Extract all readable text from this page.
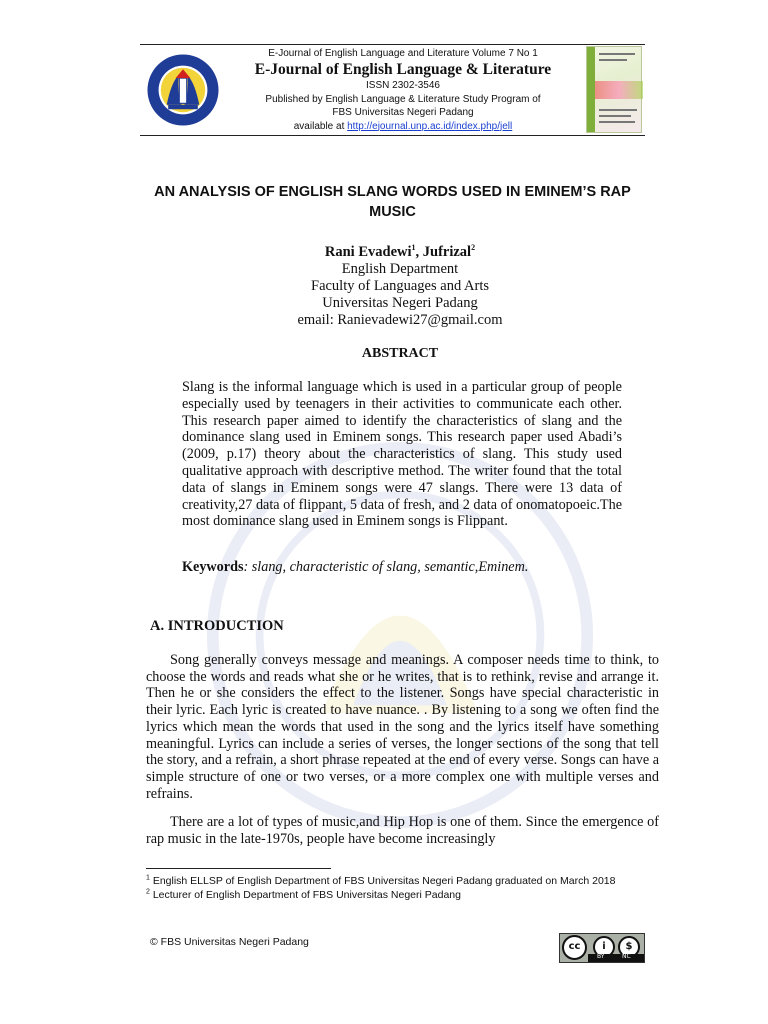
E-Journal of English Language and Literature Volume 7 No 1
E-Journal of English Language & Literature
ISSN 2302-3546
Published by English Language & Literature Study Program of
FBS Universitas Negeri Padang
available at http://ejournal.unp.ac.id/index.php/jell
AN ANALYSIS OF ENGLISH SLANG WORDS USED IN EMINEM’S RAP MUSIC
Rani Evadewi$^1$, Jufrizal$^2$
English Department
Faculty of Languages and Arts
Universitas Negeri Padang
email: Ranievadewi27@gmail.com
ABSTRACT
Slang is the informal language which is used in a particular group of people especially used by teenagers in their activities to communicate each other. This research paper aimed to identify the characteristics of slang and the dominance slang used in Eminem songs. This research paper used Abadi’s (2009, p.17) theory about the characteristics of slang. This study used qualitative approach with descriptive method. The writer found that the total data of slangs in Eminem songs were 47 slangs. There were 13 data of creativity,27 data of flippant, 5 data of fresh, and 2 data of onomatopoeic.The most dominance slang used in Eminem songs is Flippant.
Keywords: slang, characteristic of slang, semantic,Eminem.
A. INTRODUCTION
Song generally conveys message and meanings. A composer needs time to think, to choose the words and reads what she or he writes, that is to rethink, revise and arrange it. Then he or she considers the effect to the listener. Songs have special characteristic in their lyric. Each lyric is created to have nuance. . By listening to a song we often find the lyrics which mean the words that used in the song and the lyrics itself have something meaningful. Lyrics can include a series of verses, the longer sections of the song that tell the story, and a refrain, a short phrase repeated at the end of every verse. Songs can have a simple structure of one or two verses, or a more complex one with multiple verses and refrains.
There are a lot of types of music,and Hip Hop is one of them. Since the emergence of rap music in the late-1970s, people have become increasingly
$^1$ English ELLSP of English Department of FBS Universitas Negeri Padang graduated on March 2018
$^2$ Lecturer of English Department of FBS Universitas Negeri Padang
© FBS Universitas Negeri Padang	cc	i	$
BY	NC
